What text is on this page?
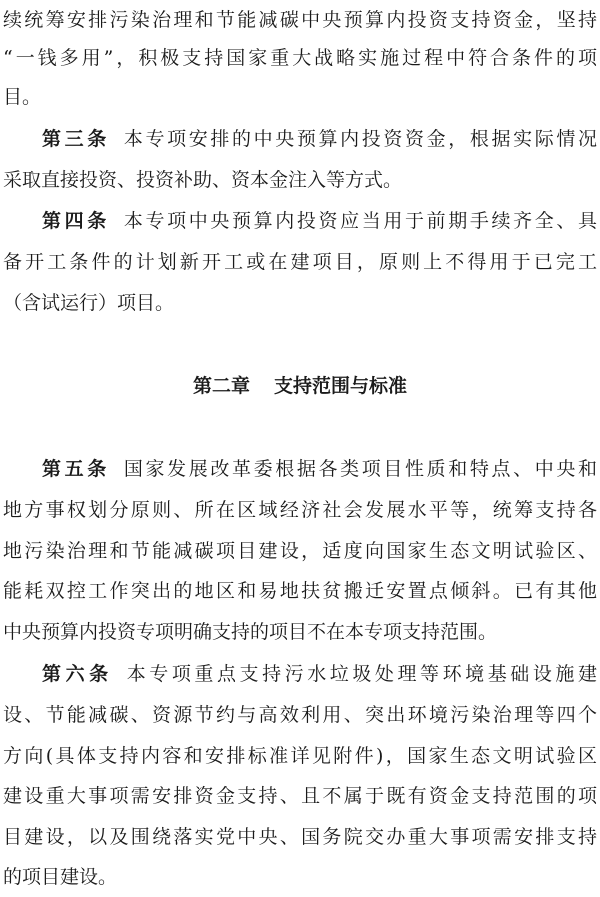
续统筹安排污染治理和节能减碳中央预算内投资支持资金，坚持
“一钱多用”，积极支持国家重大战略实施过程中符合条件的项
目。
第三条 本专项安排的中央预算内投资资金，根据实际情况
采取直接投资、投资补助、资本金注入等方式。
第四条 本专项中央预算内投资应当用于前期手续齐全、具
备开工条件的计划新开工或在建项目，原则上不得用于已完工
（含试运行）项目。
第二章 支持范围与标准
第五条 国家发展改革委根据各类项目性质和特点、中央和
地方事权划分原则、所在区域经济社会发展水平等，统筹支持各
地污染治理和节能减碳项目建设，适度向国家生态文明试验区、
能耗双控工作突出的地区和易地扶贫搬迁安置点倾斜。已有其他
中央预算内投资专项明确支持的项目不在本专项支持范围。
第六条 本专项重点支持污水垃圾处理等环境基础设施建
设、节能减碳、资源节约与高效利用、突出环境污染治理等四个
方向(具体支持内容和安排标准详见附件)，国家生态文明试验区
建设重大事项需安排资金支持、且不属于既有资金支持范围的项
目建设，以及围绕落实党中央、国务院交办重大事项需安排支持
的项目建设。
